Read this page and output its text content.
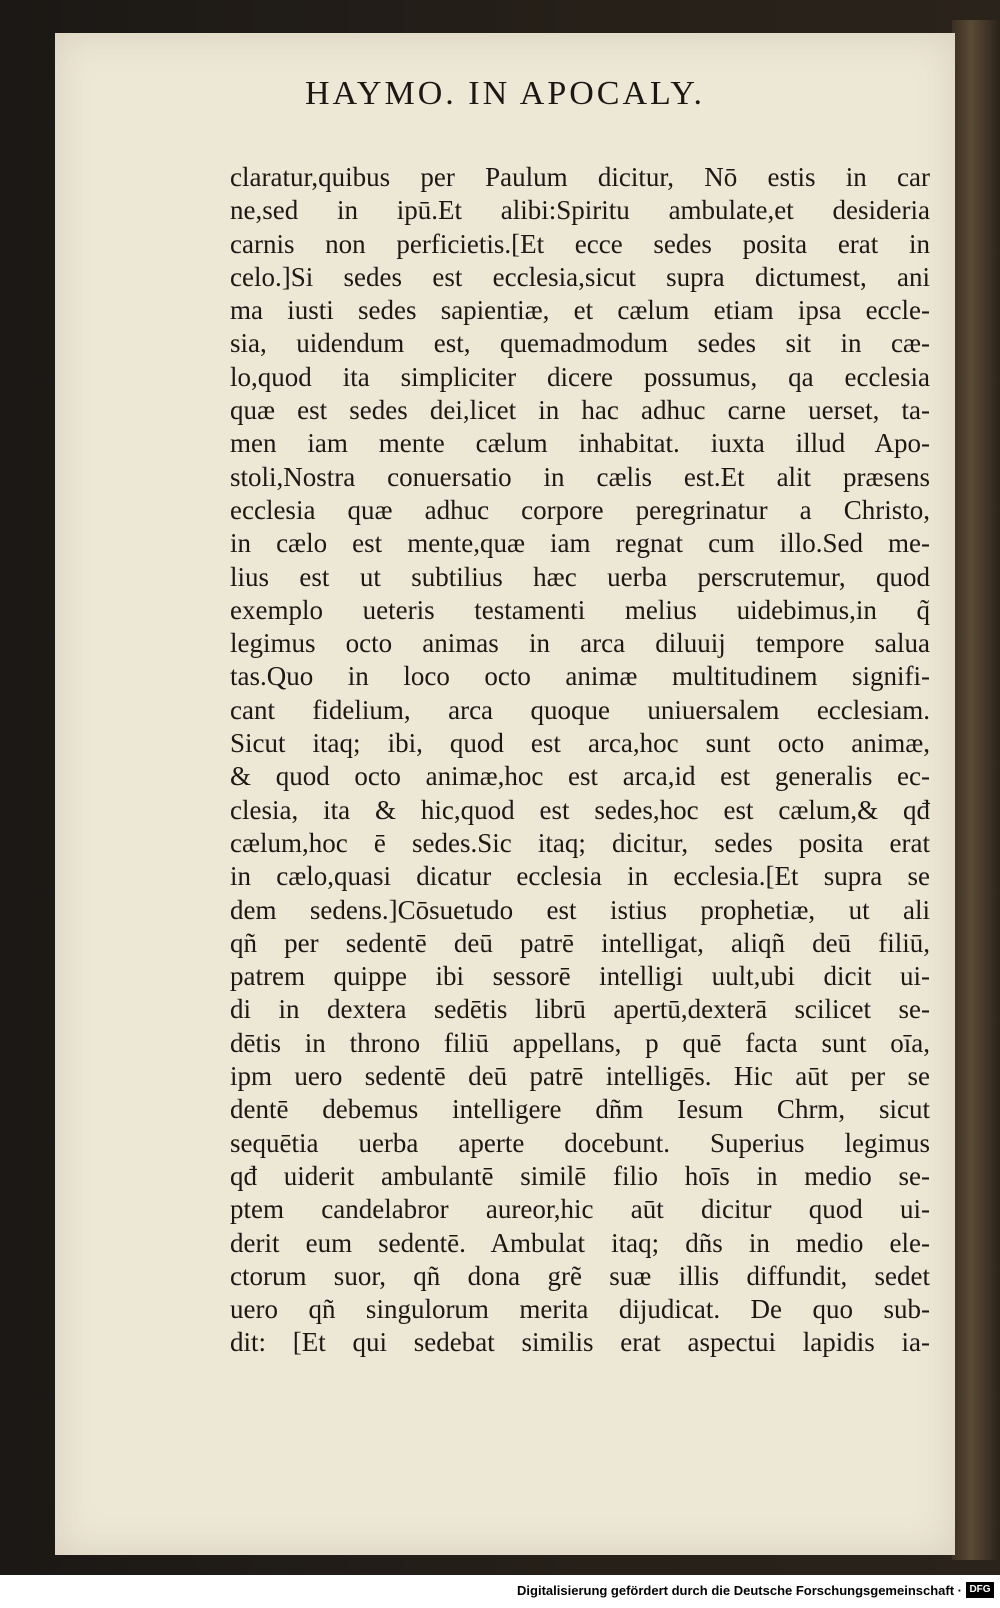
HAYMO. IN APOCALY.
claratur,quibus per Paulum dicitur, Nō estis in car
ne,sed in ipū.Et alibi:Spiritu ambulate,et desideria
carnis non perficietis.[Et ecce sedes posita erat in
celo.]Si sedes est ecclesia,sicut supra dictumest, ani
ma iusti sedes sapientiæ, et cælum etiam ipsa eccle-
sia, uidendum est, quemadmodum sedes sit in cæ-
lo,quod ita simpliciter dicere possumus, qa ecclesia
quæ est sedes dei,licet in hac adhuc carne uerset, ta-
men iam mente cælum inhabitat. iuxta illud Apo-
stoli,Nostra conuersatio in cælis est.Et alit præsens
ecclesia quæ adhuc corpore peregrinatur a Christo,
in cælo est mente,quæ iam regnat cum illo.Sed me-
lius est ut subtilius hæc uerba perscrutemur, quod
exemplo ueteris testamenti melius uidebimus,in q̃
legimus octo animas in arca diluuij tempore salua
tas.Quo in loco octo animæ multitudinem signifi-
cant fidelium, arca quoque uniuersalem ecclesiam.
Sicut itaq; ibi, quod est arca,hoc sunt octo animæ,
& quod octo animæ,hoc est arca,id est generalis ec-
clesia, ita & hic,quod est sedes,hoc est cælum,& qđ
cælum,hoc ē sedes.Sic itaq; dicitur, sedes posita erat
in cælo,quasi dicatur ecclesia in ecclesia.[Et supra se
dem sedens.]Cōsuetudo est istius prophetiæ, ut ali
qñ per sedentē deū patrē intelligat, aliqñ deū filiū,
patrem quippe ibi sessorē intelligi uult,ubi dicit ui-
di in dextera sedētis librū apertū,dexterā scilicet se-
dētis in throno filiū appellans, p quē facta sunt oīa,
ipm uero sedentē deū patrē intelligēs. Hic aūt per se
dentē debemus intelligere dñm Iesum Chrm, sicut
sequētia uerba aperte docebunt. Superius legimus
qđ uiderit ambulantē similē filio hoīs in medio se-
ptem candelabror aureor,hic aūt dicitur quod ui-
derit eum sedentē. Ambulat itaq; dñs in medio ele-
ctorum suor, qñ dona grẽ suæ illis diffundit, sedet
uero qñ singulorum merita dijudicat. De quo sub-
dit: [Et qui sedebat similis erat aspectui lapidis ia-
Digitalisierung gefördert durch die Deutsche Forschungsgemeinschaft · DFG
